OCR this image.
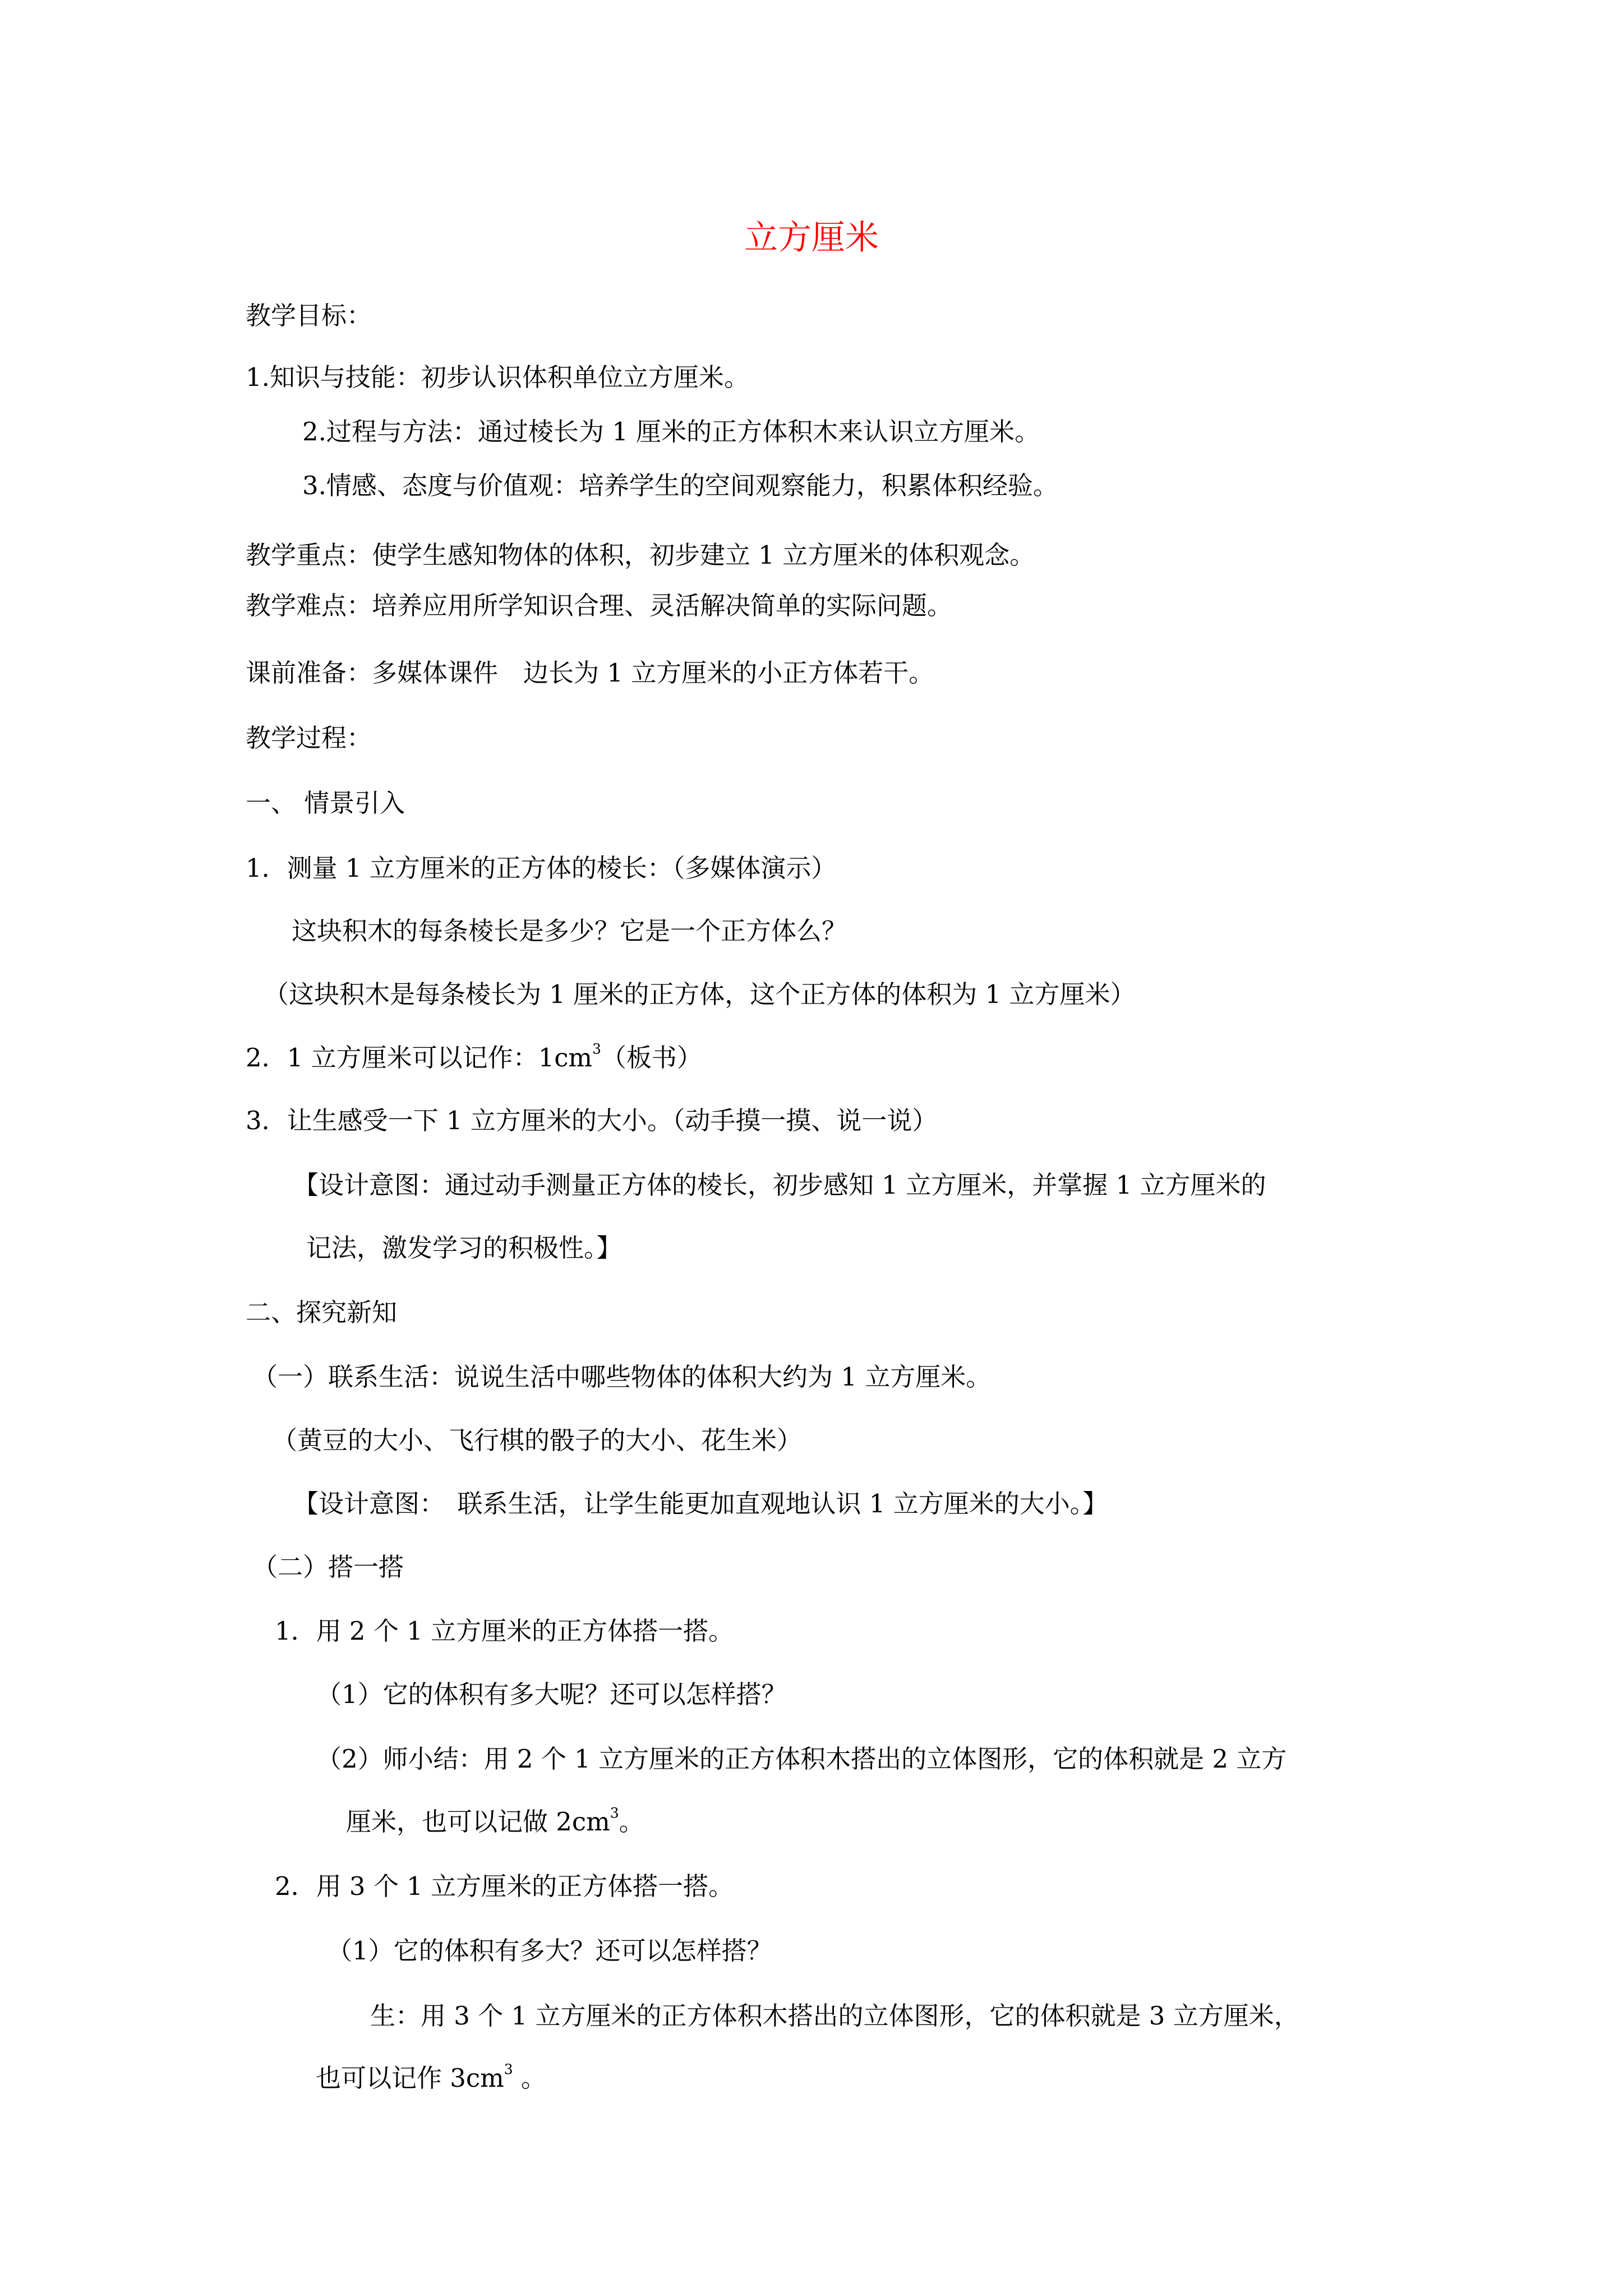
立方厘米
教学目标：
1.知识与技能：初步认识体积单位立方厘米。
2.过程与方法：通过棱长为 1 厘米的正方体积木来认识立方厘米。
3.情感、态度与价值观：培养学生的空间观察能力，积累体积经验。
教学重点：使学生感知物体的体积，初步建立 1 立方厘米的体积观念。
教学难点：培养应用所学知识合理、灵活解决简单的实际问题。
课前准备：多媒体课件　边长为 1 立方厘米的小正方体若干。
教学过程：
一、 情景引入
1．测量 1 立方厘米的正方体的棱长：（多媒体演示）
这块积木的每条棱长是多少？它是一个正方体么？
（这块积木是每条棱长为 1 厘米的正方体，这个正方体的体积为 1 立方厘米）
2．1 立方厘米可以记作：$1cm^3$（板书）
3．让生感受一下 1 立方厘米的大小。（动手摸一摸、说一说）
【设计意图：通过动手测量正方体的棱长，初步感知 1 立方厘米，并掌握 1 立方厘米的
记法，激发学习的积极性。】
二、探究新知
（一）联系生活：说说生活中哪些物体的体积大约为 1 立方厘米。
（黄豆的大小、飞行棋的骰子的大小、花生米）
【设计意图：　联系生活，让学生能更加直观地认识 1 立方厘米的大小。】
（二）搭一搭
1．用 2 个 1 立方厘米的正方体搭一搭。
（1）它的体积有多大呢？还可以怎样搭？
（2）师小结：用 2 个 1 立方厘米的正方体积木搭出的立体图形，它的体积就是 2 立方
厘米，也可以记做 $2cm^3$。
2．用 3 个 1 立方厘米的正方体搭一搭。
（1）它的体积有多大？还可以怎样搭？
生：用 3 个 1 立方厘米的正方体积木搭出的立体图形，它的体积就是 3 立方厘米，
也可以记作 $3cm^3$ 。
